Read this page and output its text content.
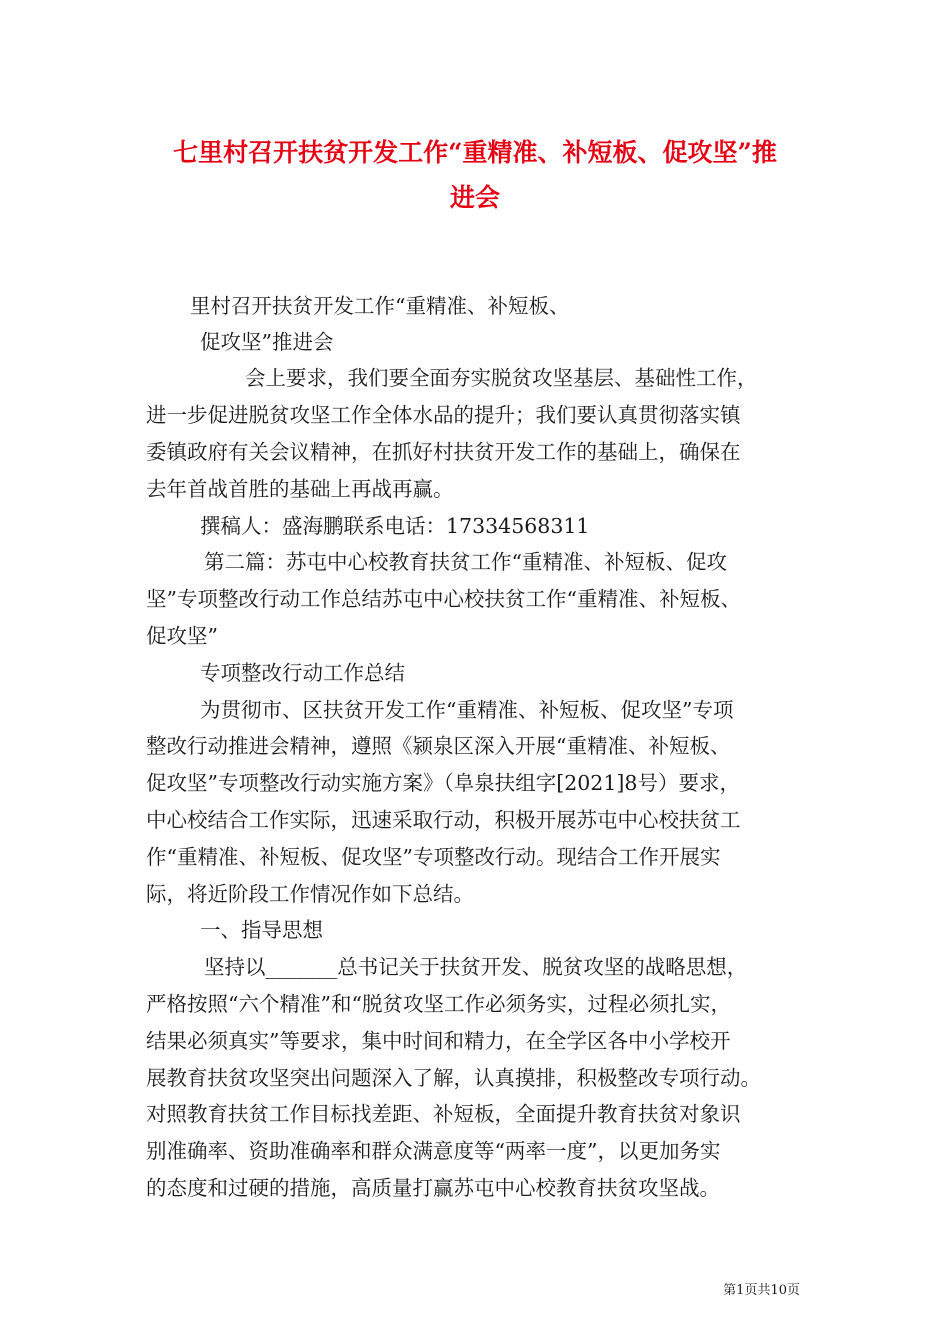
七里村召开扶贫开发工作“重精准、补短板、促攻坚”推
进会
里村召开扶贫开发工作“重精准、补短板、
促攻坚”推进会
会上要求，我们要全面夯实脱贫攻坚基层、基础性工作，
进一步促进脱贫攻坚工作全体水品的提升；我们要认真贯彻落实镇
委镇政府有关会议精神，在抓好村扶贫开发工作的基础上，确保在
去年首战首胜的基础上再战再赢。
撰稿人：盛海鹏联系电话：17334568311
第二篇：苏屯中心校教育扶贫工作“重精准、补短板、促攻
坚”专项整改行动工作总结苏屯中心校扶贫工作“重精准、补短板、
促攻坚”
专项整改行动工作总结
为贯彻市、区扶贫开发工作“重精准、补短板、促攻坚”专项
整改行动推进会精神，遵照《颍泉区深入开展“重精准、补短板、
促攻坚”专项整改行动实施方案》（阜泉扶组字[2021]8号）要求，
中心校结合工作实际，迅速采取行动，积极开展苏屯中心校扶贫工
作“重精准、补短板、促攻坚”专项整改行动。现结合工作开展实
际，将近阶段工作情况作如下总结。
一、指导思想
坚持以_______总书记关于扶贫开发、脱贫攻坚的战略思想，
严格按照“六个精准”和“脱贫攻坚工作必须务实，过程必须扎实，
结果必须真实”等要求，集中时间和精力，在全学区各中小学校开
展教育扶贫攻坚突出问题深入了解，认真摸排，积极整改专项行动。
对照教育扶贫工作目标找差距、补短板，全面提升教育扶贫对象识
别准确率、资助准确率和群众满意度等“两率一度”，以更加务实
的态度和过硬的措施，高质量打赢苏屯中心校教育扶贫攻坚战。
第1页共10页
